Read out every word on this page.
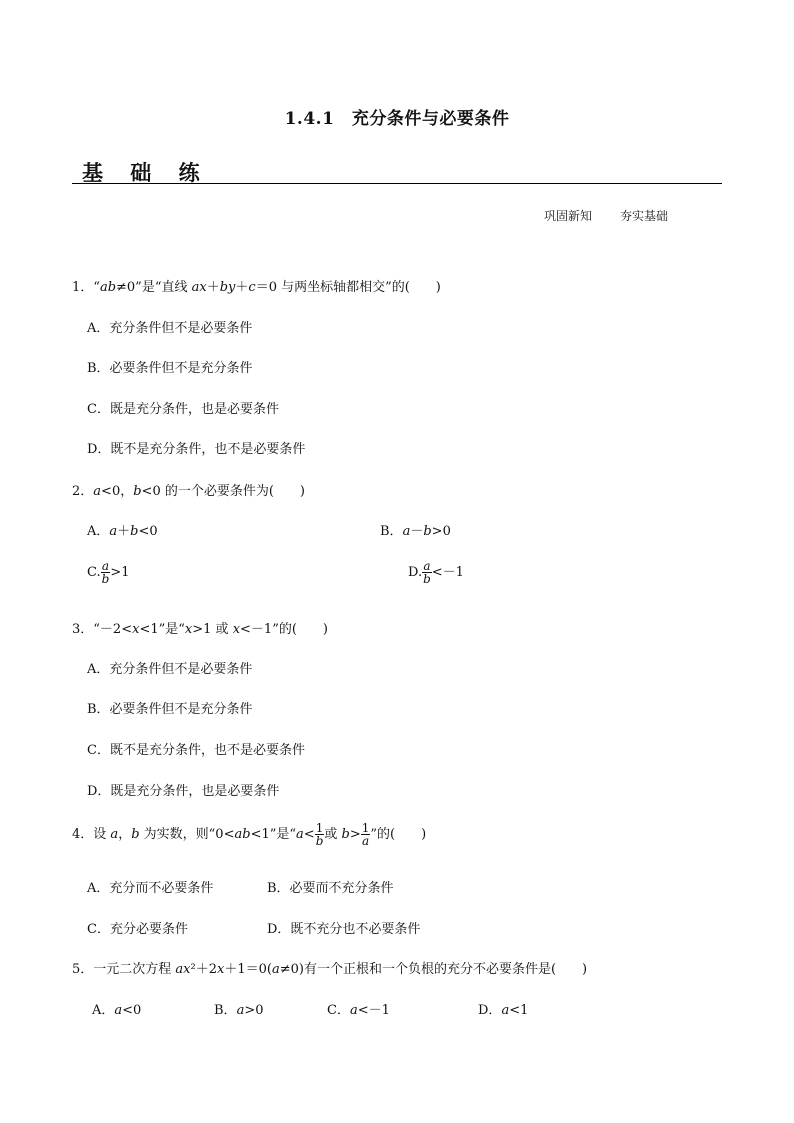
1.4.1　充分条件与必要条件
基 础 练
巩固新知 夯实基础
1．“ab≠0”是“直线 ax＋by＋c＝0 与两坐标轴都相交”的(　　)
A．充分条件但不是必要条件
B．必要条件但不是充分条件
C．既是充分条件，也是必要条件
D．既不是充分条件，也不是必要条件
2．a<0，b<0 的一个必要条件为(　　)
A．a＋b<0	B．a－b>0
C. $\frac{a}{b} >1$	D. $\frac{a}{b} <-1$
3．“－2<x<1”是“x>1 或 x<－1”的(　　)
A．充分条件但不是必要条件
B．必要条件但不是充分条件
C．既不是充分条件，也不是必要条件
D．既是充分条件，也是必要条件
4．设 a，b 为实数，则“0<ab<1”是“$a< \frac{1}{b}$ 或 $b> \frac{1}{a}$ ”的(　　)
A．充分而不必要条件	B．必要而不充分条件
C．充分必要条件	D．既不充分也不必要条件
5．一元二次方程 ax²＋2x＋1＝0(a≠0)有一个正根和一个负根的充分不必要条件是(　　)
A．a<0	B．a>0	C．a<－1	D．a<1
